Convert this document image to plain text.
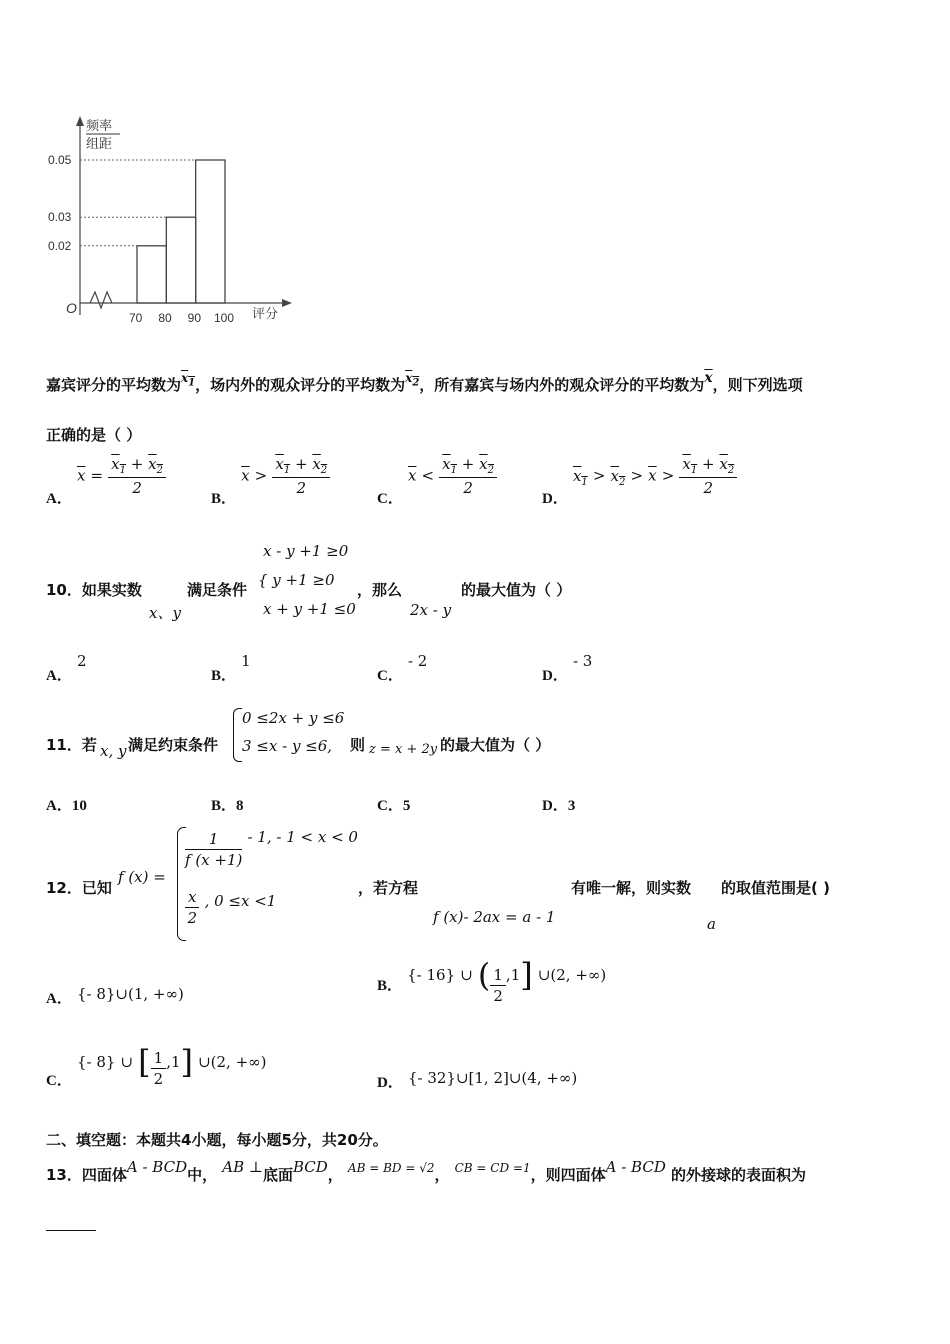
70 80 90 100
0.02
0.03
0.05
O	评分
频率
组距
嘉宾评分的平均数为$^{x_1}$，场内外的观众评分的平均数为$^{x_2}$，所有嘉宾与场内外的观众评分的平均数为$\overline{x}$，则下列选项
正确的是（ ）
A． $\overline{x} = \frac{x_1 + x_2}{2}$
B． $\overline{x} > \frac{x_1 + x_2}{2}$
C． $\overline{x} < \frac{x_1 + x_2}{2}$
D． $x_1 > x_2 > \overline{x} > \frac{x_1 + x_2}{2}$
x - y +1 ≥0
{ y +1 ≥0
x + y +1 ≤0
10．如果实数
x、y
满足条件	，那么
2x - y
的最大值为（ ）
A． 2
B． 1
C． - 2
D． - 3
11．若 x, y 满足约束条件
0 ≤2x + y ≤6
3 ≤x - y ≤6, 则 z = x + 2y 的最大值为（ ）
A．10	B．8	C．5	D．3
12．已知
f (x) =
$\frac{1}{f (x +1)} - 1$, - 1 < x < 0
$\frac{x}{2}$ , 0 ≤x <1
，若方程
f (x)- 2ax = a - 1
有唯一解，则实数
a
的取值范围是( )
A． {- 8}∪(1, +∞)	B． {- 16} ∪ ( $\frac{1}{2} ,1$] ∪(2, +∞)
C． {- 8} ∪ [ $\frac{1}{2} ,1$] ∪(2, +∞)
D． {- 32}∪[1, 2]∪(4, +∞)
二、填空题：本题共4小题，每小题5分，共20分。
13．四面体A - BCD中， AB ⊥底面BCD， AB = BD = √2， CB = CD =1，则四面体A - BCD 的外接球的表面积为
